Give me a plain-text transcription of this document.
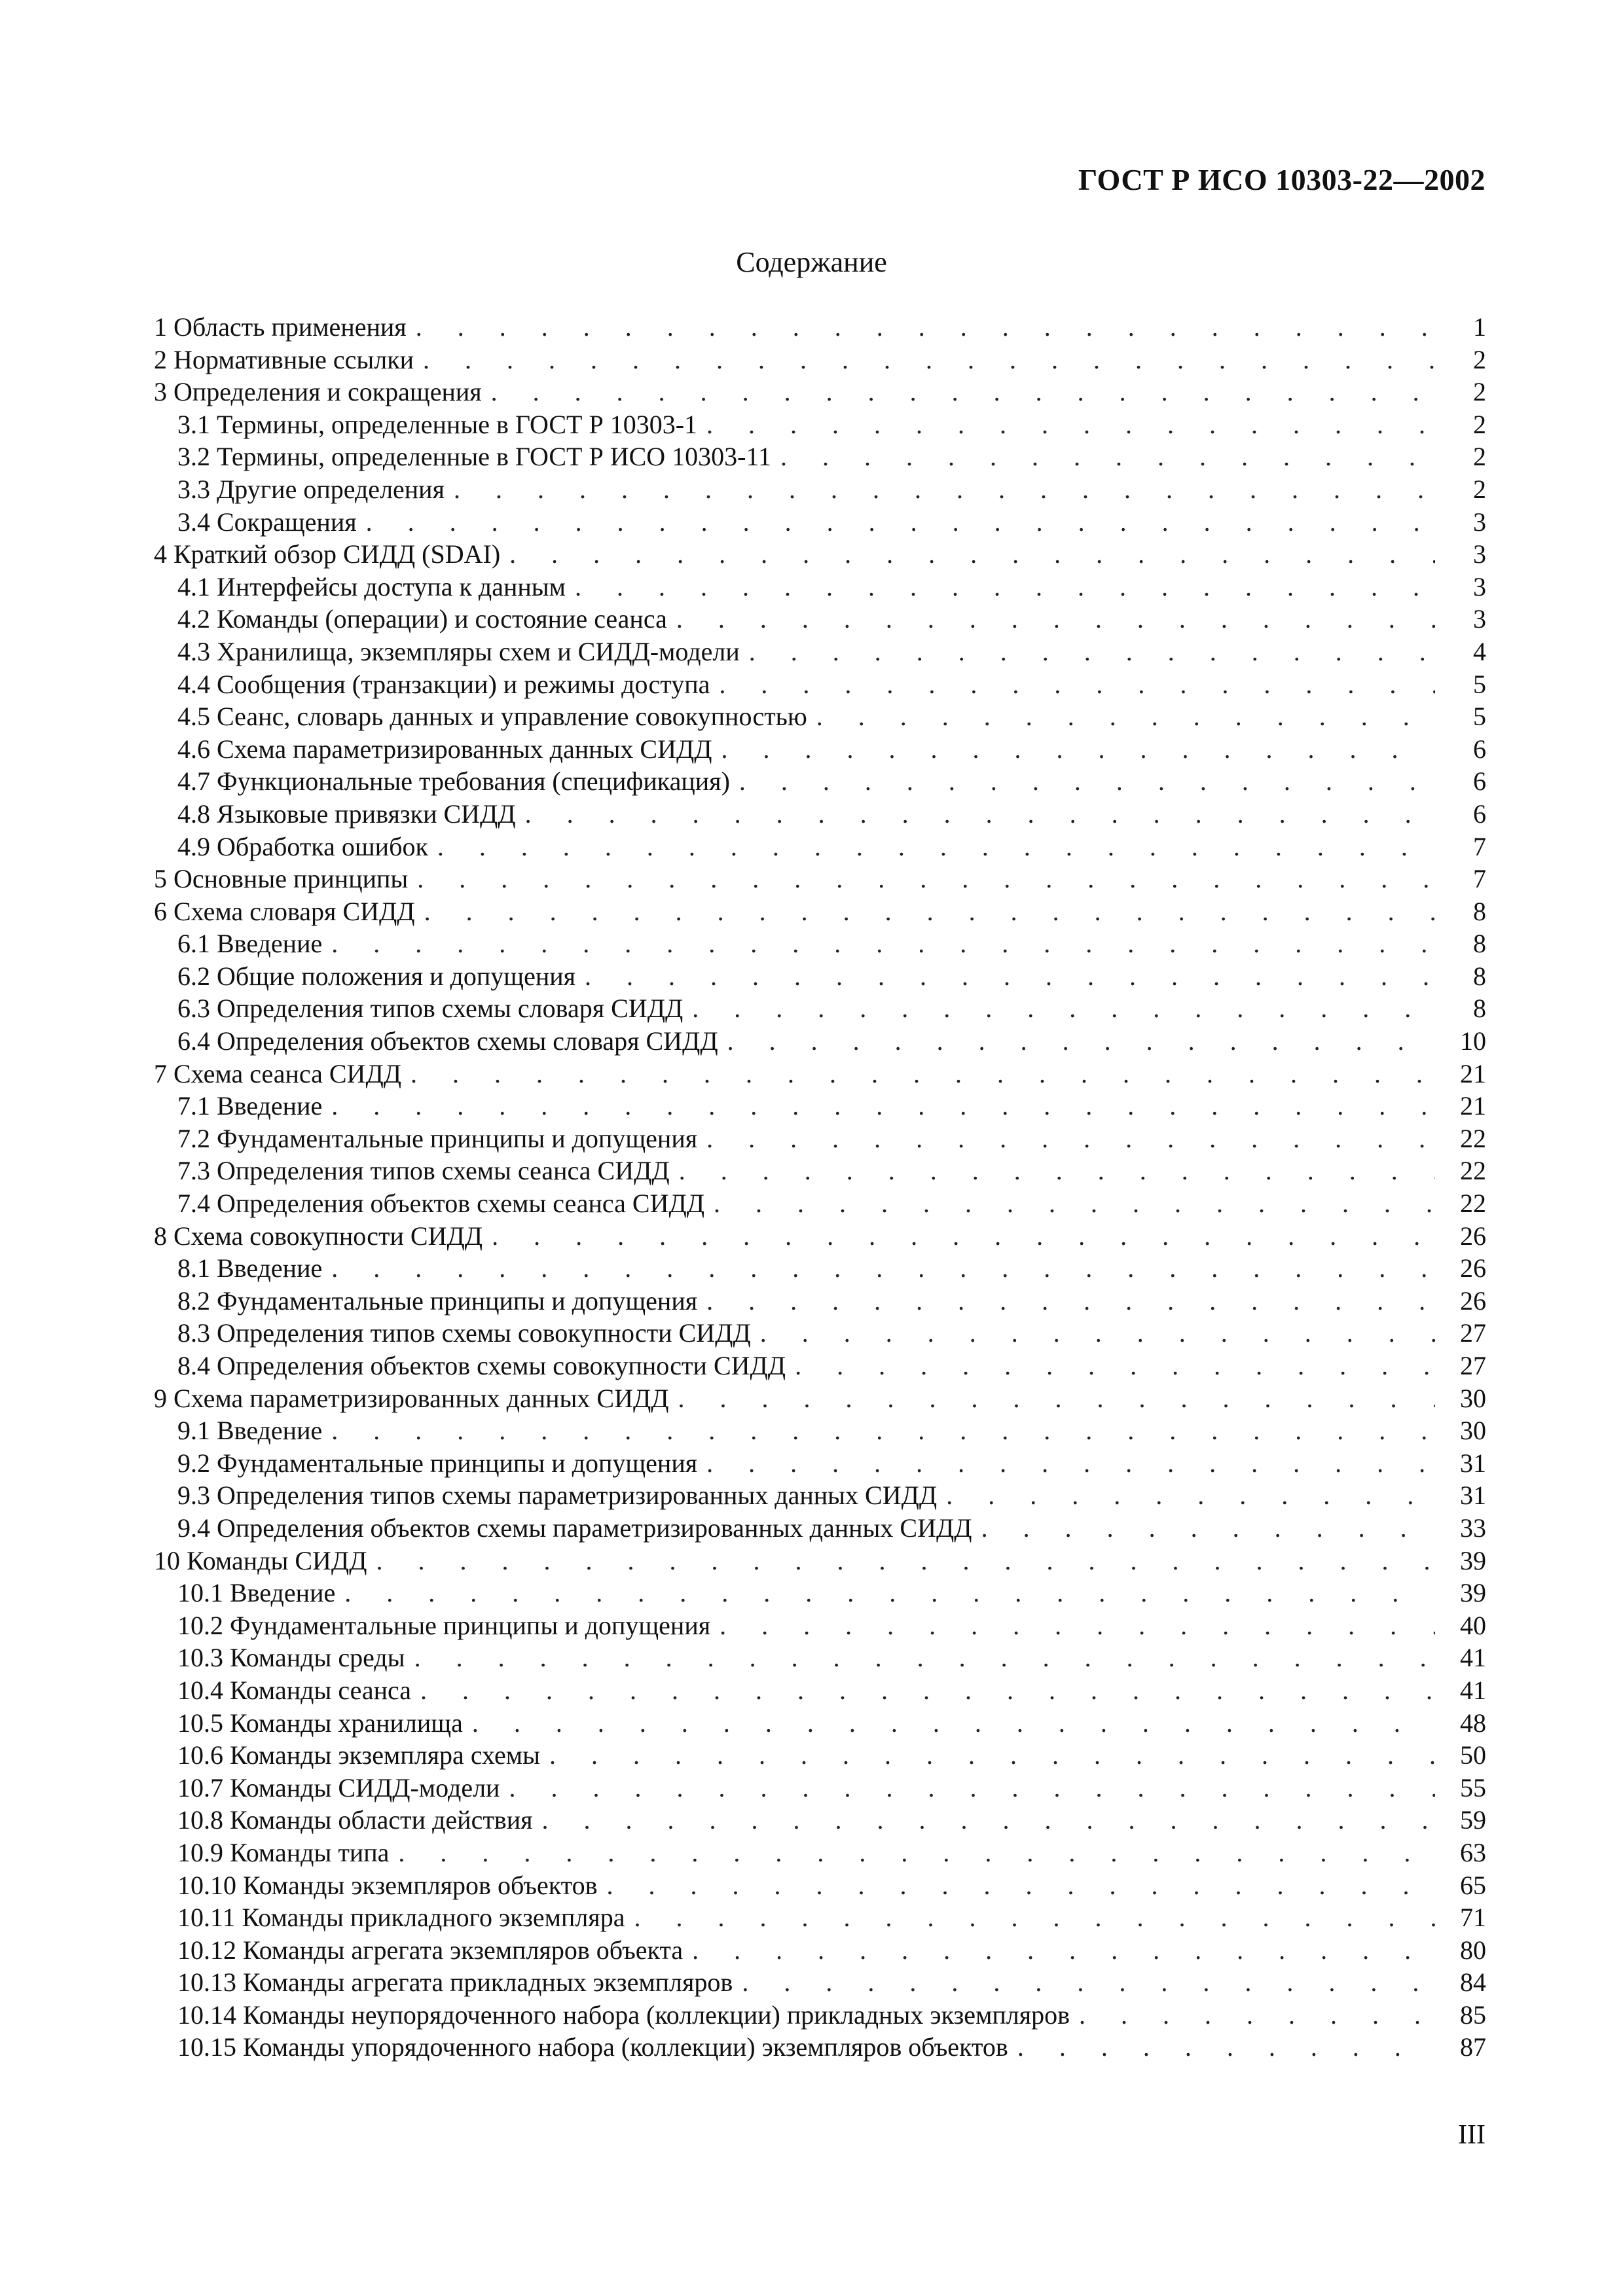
ГОСТ Р ИСО 10303-22—2002
Содержание
1 Область применения . . .	1
2 Нормативные ссылки . . .	2
3 Определения и сокращения . . .	2
3.1 Термины, определенные в ГОСТ Р 10303-1 . . .	2
3.2 Термины, определенные в ГОСТ Р ИСО 10303-11 . . .	2
3.3 Другие определения . . .	2
3.4 Сокращения . . .	3
4 Краткий обзор СИДД (SDAI) . . .	3
4.1 Интерфейсы доступа к данным . . .	3
4.2 Команды (операции) и состояние сеанса . . .	3
4.3 Хранилища, экземпляры схем и СИДД-модели . . .	4
4.4 Сообщения (транзакции) и режимы доступа . . .	5
4.5 Сеанс, словарь данных и управление совокупностью . . .	5
4.6 Схема параметризированных данных СИДД . . .	6
4.7 Функциональные требования (спецификация) . . .	6
4.8 Языковые привязки СИДД . . .	6
4.9 Обработка ошибок . . .	7
5 Основные принципы . . .	7
6 Схема словаря СИДД . . .	8
6.1 Введение . . .	8
6.2 Общие положения и допущения . . .	8
6.3 Определения типов схемы словаря СИДД . . .	8
6.4 Определения объектов схемы словаря СИДД . . .	10
7 Схема сеанса СИДД . . .	21
7.1 Введение . . .	21
7.2 Фундаментальные принципы и допущения . . .	22
7.3 Определения типов схемы сеанса СИДД . . .	22
7.4 Определения объектов схемы сеанса СИДД . . .	22
8 Схема совокупности СИДД . . .	26
8.1 Введение . . .	26
8.2 Фундаментальные принципы и допущения . . .	26
8.3 Определения типов схемы совокупности СИДД . . .	27
8.4 Определения объектов схемы совокупности СИДД . . .	27
9 Схема параметризированных данных СИДД . . .	30
9.1 Введение . . .	30
9.2 Фундаментальные принципы и допущения . . .	31
9.3 Определения типов схемы параметризированных данных СИДД . . .	31
9.4 Определения объектов схемы параметризированных данных СИДД . . .	33
10 Команды СИДД . . .	39
10.1 Введение . . .	39
10.2 Фундаментальные принципы и допущения . . .	40
10.3 Команды среды . . .	41
10.4 Команды сеанса . . .	41
10.5 Команды хранилища . . .	48
10.6 Команды экземпляра схемы . . .	50
10.7 Команды СИДД-модели . . .	55
10.8 Команды области действия . . .	59
10.9 Команды типа . . .	63
10.10 Команды экземпляров объектов . . .	65
10.11 Команды прикладного экземпляра . . .	71
10.12 Команды агрегата экземпляров объекта . . .	80
10.13 Команды агрегата прикладных экземпляров . . .	84
10.14 Команды неупорядоченного набора (коллекции) прикладных экземпляров . . .	85
10.15 Команды упорядоченного набора (коллекции) экземпляров объектов . . .	87
III
